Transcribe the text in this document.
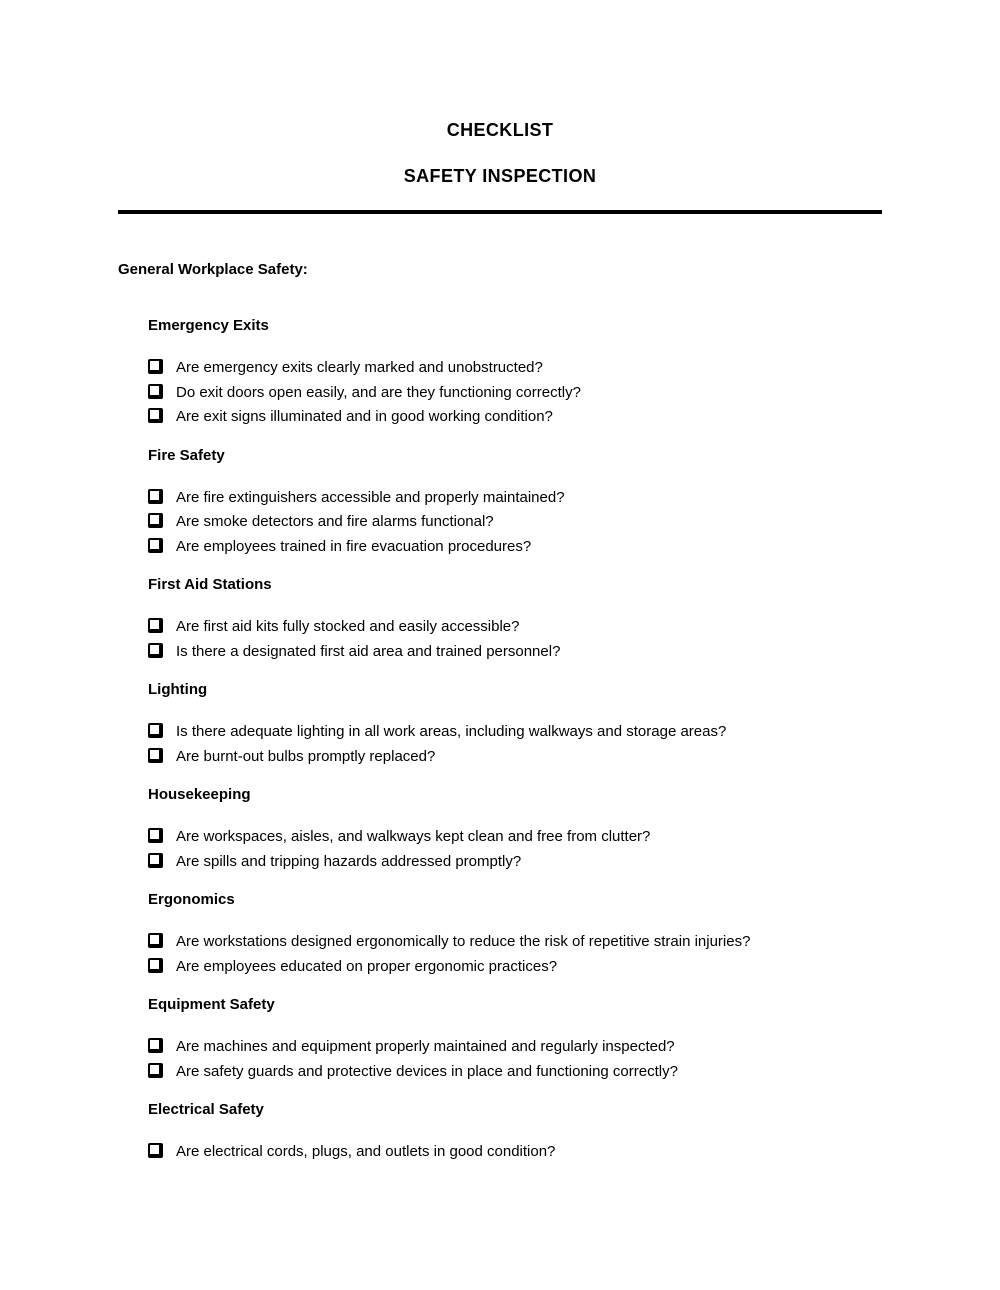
CHECKLIST
SAFETY INSPECTION
General Workplace Safety:
Emergency Exits
Are emergency exits clearly marked and unobstructed?
Do exit doors open easily, and are they functioning correctly?
Are exit signs illuminated and in good working condition?
Fire Safety
Are fire extinguishers accessible and properly maintained?
Are smoke detectors and fire alarms functional?
Are employees trained in fire evacuation procedures?
First Aid Stations
Are first aid kits fully stocked and easily accessible?
Is there a designated first aid area and trained personnel?
Lighting
Is there adequate lighting in all work areas, including walkways and storage areas?
Are burnt-out bulbs promptly replaced?
Housekeeping
Are workspaces, aisles, and walkways kept clean and free from clutter?
Are spills and tripping hazards addressed promptly?
Ergonomics
Are workstations designed ergonomically to reduce the risk of repetitive strain injuries?
Are employees educated on proper ergonomic practices?
Equipment Safety
Are machines and equipment properly maintained and regularly inspected?
Are safety guards and protective devices in place and functioning correctly?
Electrical Safety
Are electrical cords, plugs, and outlets in good condition?
